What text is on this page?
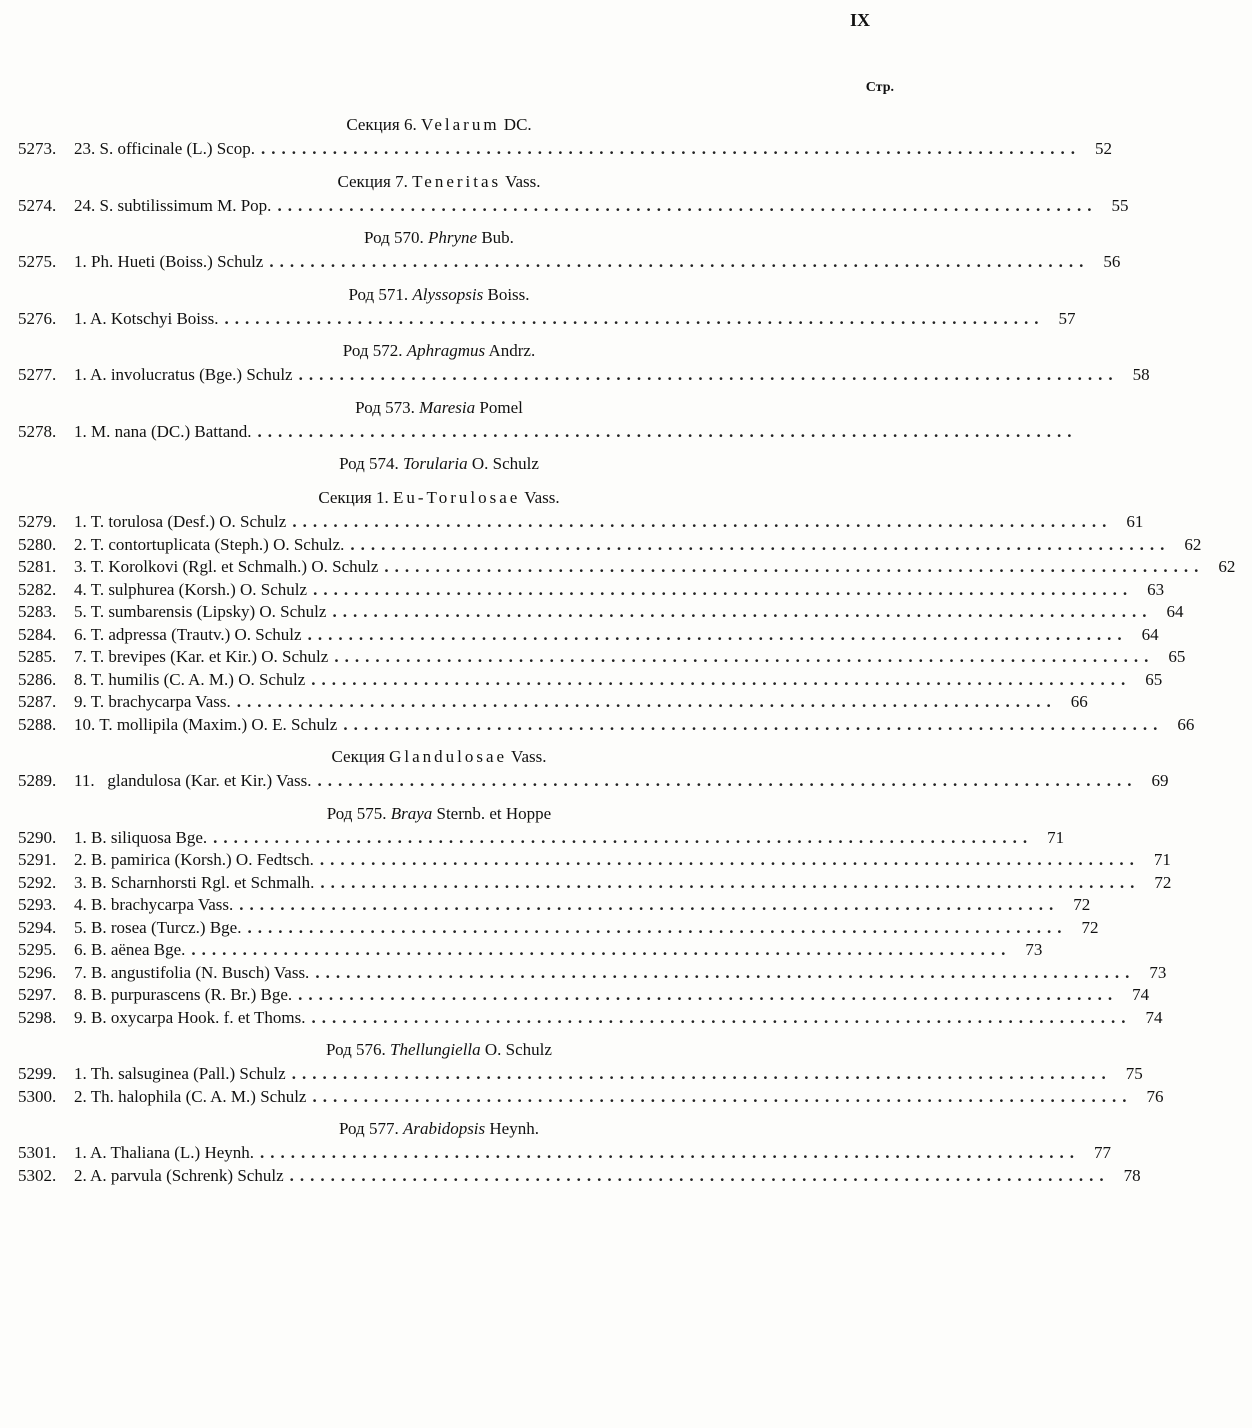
IX
Стр.
Секция 6. Velarum DC.
5273.	23. S. officinale (L.) Scop. ................................................................................ 52
Секция 7. Teneritas Vass.
5274.	24. S. subtilissimum M. Pop. ................................................................................ 55
Род 570. Phryne Bub.
5275.	1. Ph. Hueti (Boiss.) Schulz ................................................................................ 56
Род 571. Alyssopsis Boiss.
5276.	1. A. Kotschyi Boiss. ................................................................................ 57
Род 572. Aphragmus Andrz.
5277.	1. A. involucratus (Bge.) Schulz ................................................................................ 58
Род 573. Maresia Pomel
5278.	1. M. nana (DC.) Battand. ................................................................................
Род 574. Torularia O. Schulz
Секция 1. Eu-Torulosae Vass.
5279.	1. T. torulosa (Desf.) O. Schulz ................................................................................ 61
5280.	2. T. contortuplicata (Steph.) O. Schulz. ................................................................................ 62
5281.	3. T. Korolkovi (Rgl. et Schmalh.) O. Schulz ................................................................................ 62
5282.	4. T. sulphurea (Korsh.) O. Schulz ................................................................................ 63
5283.	5. T. sumbarensis (Lipsky) O. Schulz ................................................................................ 64
5284.	6. T. adpressa (Trautv.) O. Schulz ................................................................................ 64
5285.	7. T. brevipes (Kar. et Kir.) O. Schulz ................................................................................ 65
5286.	8. T. humilis (C. A. M.) O. Schulz ................................................................................ 65
5287.	9. T. brachycarpa Vass. ................................................................................ 66
5288.	10. T. mollipila (Maxim.) O. E. Schulz ................................................................................ 66
Секция Glandulosae Vass.
5289.	11.   glandulosa (Kar. et Kir.) Vass. ................................................................................ 69
Род 575. Braya Sternb. et Hoppe
5290.	1. B. siliquosa Bge. ................................................................................ 71
5291.	2. B. pamirica (Korsh.) O. Fedtsch. ................................................................................ 71
5292.	3. B. Scharnhorsti Rgl. et Schmalh. ................................................................................ 72
5293.	4. B. brachycarpa Vass. ................................................................................ 72
5294.	5. B. rosea (Turcz.) Bge. ................................................................................ 72
5295.	6. B. aënea Bge. ................................................................................ 73
5296.	7. B. angustifolia (N. Busch) Vass. ................................................................................ 73
5297.	8. B. purpurascens (R. Br.) Bge. ................................................................................ 74
5298.	9. B. oxycarpa Hook. f. et Thoms. ................................................................................ 74
Род 576. Thellungiella O. Schulz
5299.	1. Th. salsuginea (Pall.) Schulz ................................................................................ 75
5300.	2. Th. halophila (C. A. M.) Schulz ................................................................................ 76
Род 577. Arabidopsis Heynh.
5301.	1. A. Thaliana (L.) Heynh. ................................................................................ 77
5302.	2. A. parvula (Schrenk) Schulz ................................................................................ 78
